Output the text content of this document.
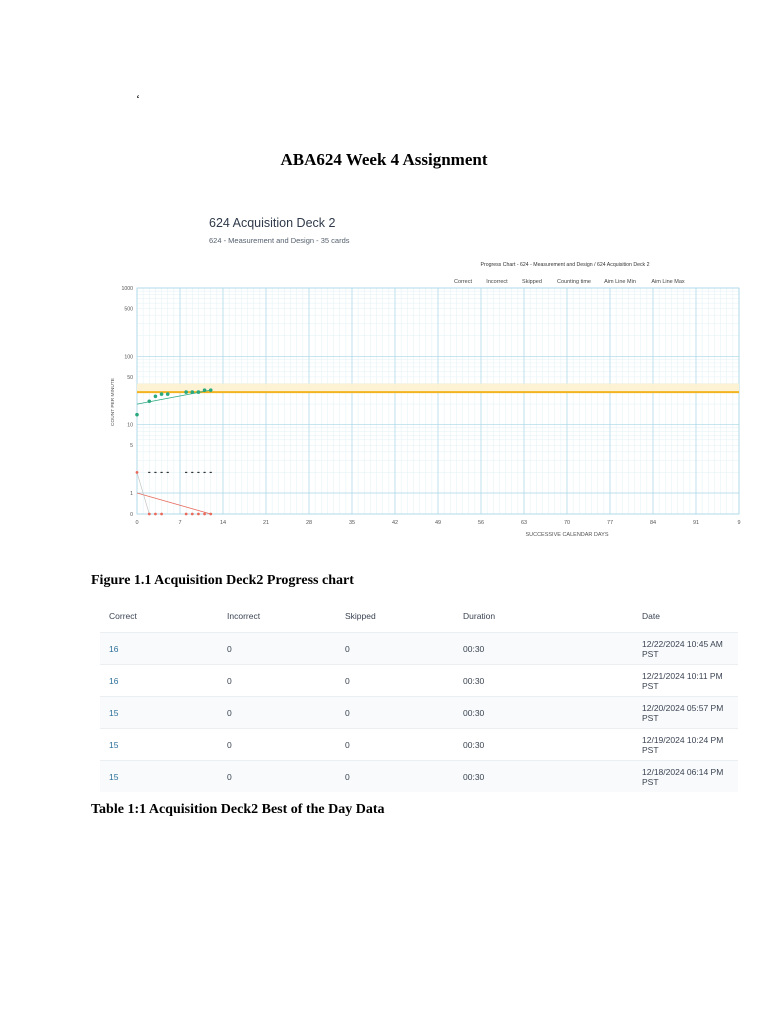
‘
ABA624 Week 4 Assignment
624 Acquisition Deck 2
624 - Measurement and Design - 35 cards
0	7	14	21	28	35	42	49	56	63	70	77	84	91	9
1000
500
100
50
10
5
1
0
Correct	Incorrect	Skipped	Counting time Aim Line Min	Aim Line Max
Progress Chart - 624 - Measurement and Design / 624 Acquisition Deck 2
SUCCESSIVE CALENDAR DAYS
COUNT PER MINUTE
Figure 1.1 Acquisition Deck2 Progress chart
Correct	Incorrect	Skipped	Duration	Date
16	0	0	00:30	12/22/2024 10:45 AM PST
16	0	0	00:30	12/21/2024 10:11 PM PST
15	0	0	00:30	12/20/2024 05:57 PM PST
15	0	0	00:30	12/19/2024 10:24 PM PST
15	0	0	00:30	12/18/2024 06:14 PM PST
Table 1:1 Acquisition Deck2 Best of the Day Data
